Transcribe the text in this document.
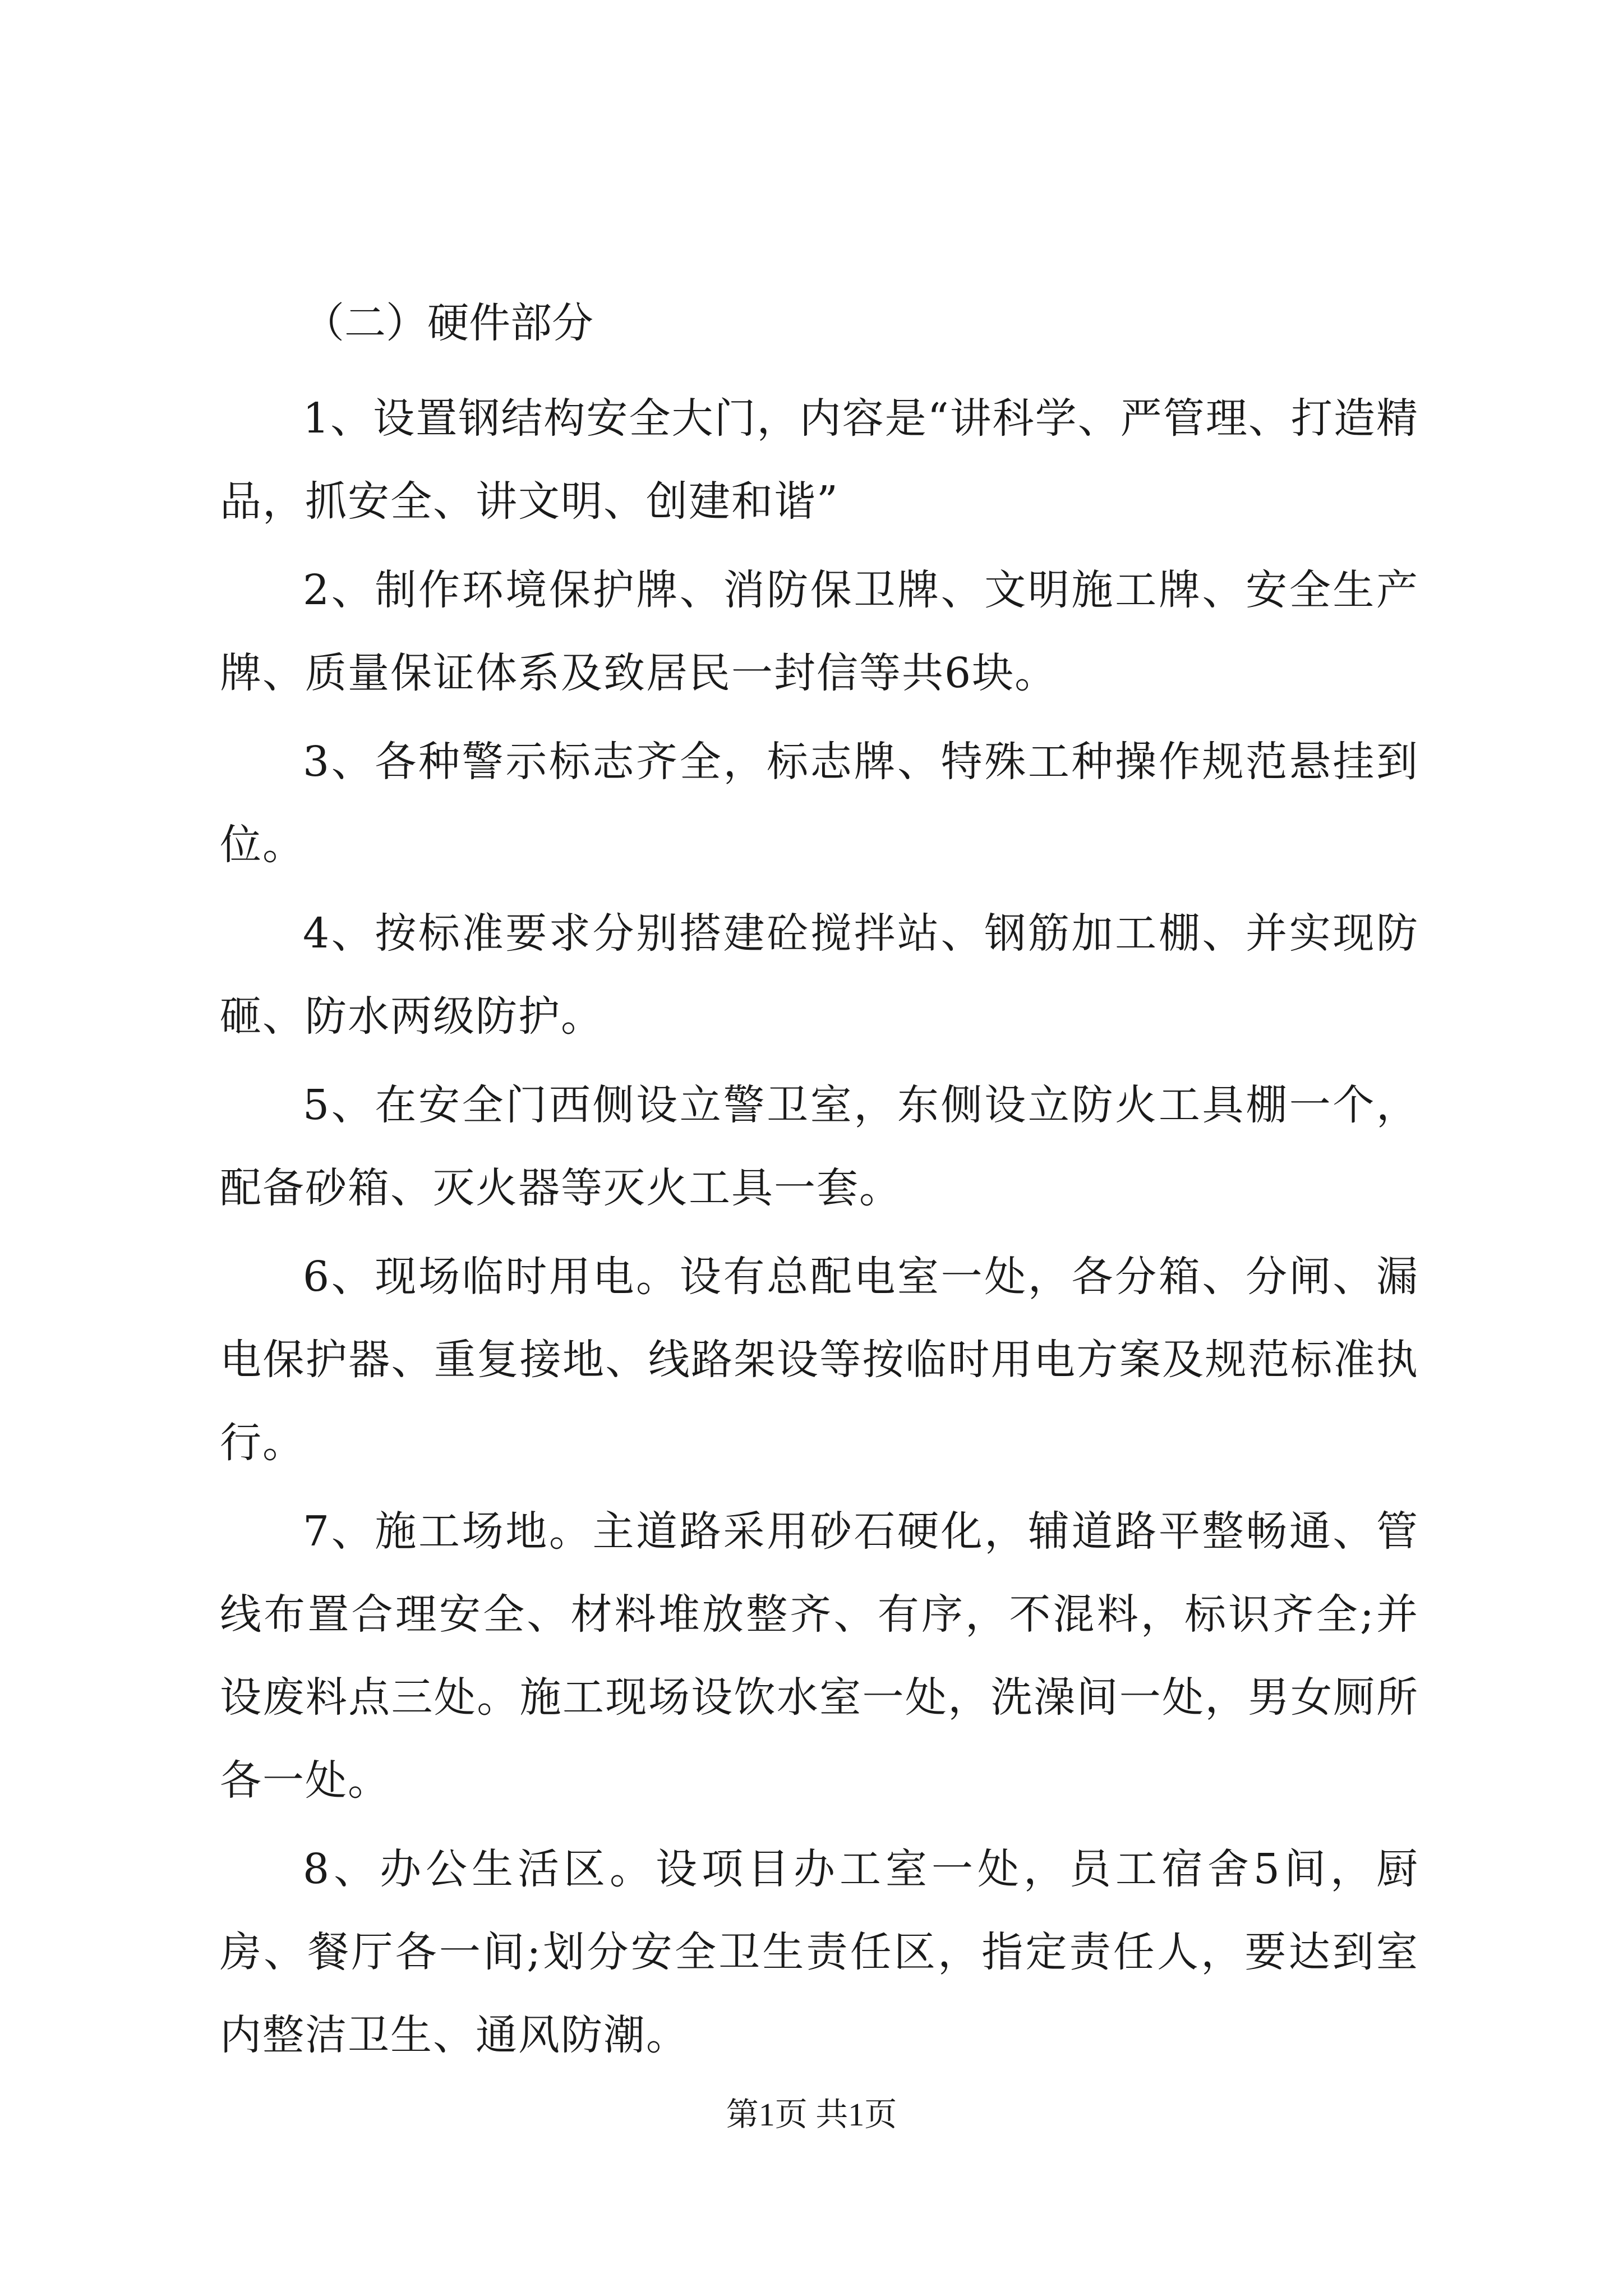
（二）硬件部分

1、设置钢结构安全大门，内容是“讲科学、严管理、打造精品，抓安全、讲文明、创建和谐”

2、制作环境保护牌、消防保卫牌、文明施工牌、安全生产牌、质量保证体系及致居民一封信等共6块。

3、各种警示标志齐全，标志牌、特殊工种操作规范悬挂到位。

4、按标准要求分别搭建砼搅拌站、钢筋加工棚、并实现防砸、防水两级防护。

5、在安全门西侧设立警卫室，东侧设立防火工具棚一个，配备砂箱、灭火器等灭火工具一套。

6、现场临时用电。设有总配电室一处，各分箱、分闸、漏电保护器、重复接地、线路架设等按临时用电方案及规范标准执行。

7、施工场地。主道路采用砂石硬化，辅道路平整畅通、管线布置合理安全、材料堆放整齐、有序，不混料，标识齐全;并设废料点三处。施工现场设饮水室一处，洗澡间一处，男女厕所各一处。

8、办公生活区。设项目办工室一处，员工宿舍5间，厨房、餐厅各一间;划分安全卫生责任区，指定责任人，要达到室内整洁卫生、通风防潮。

第1页 共1页
